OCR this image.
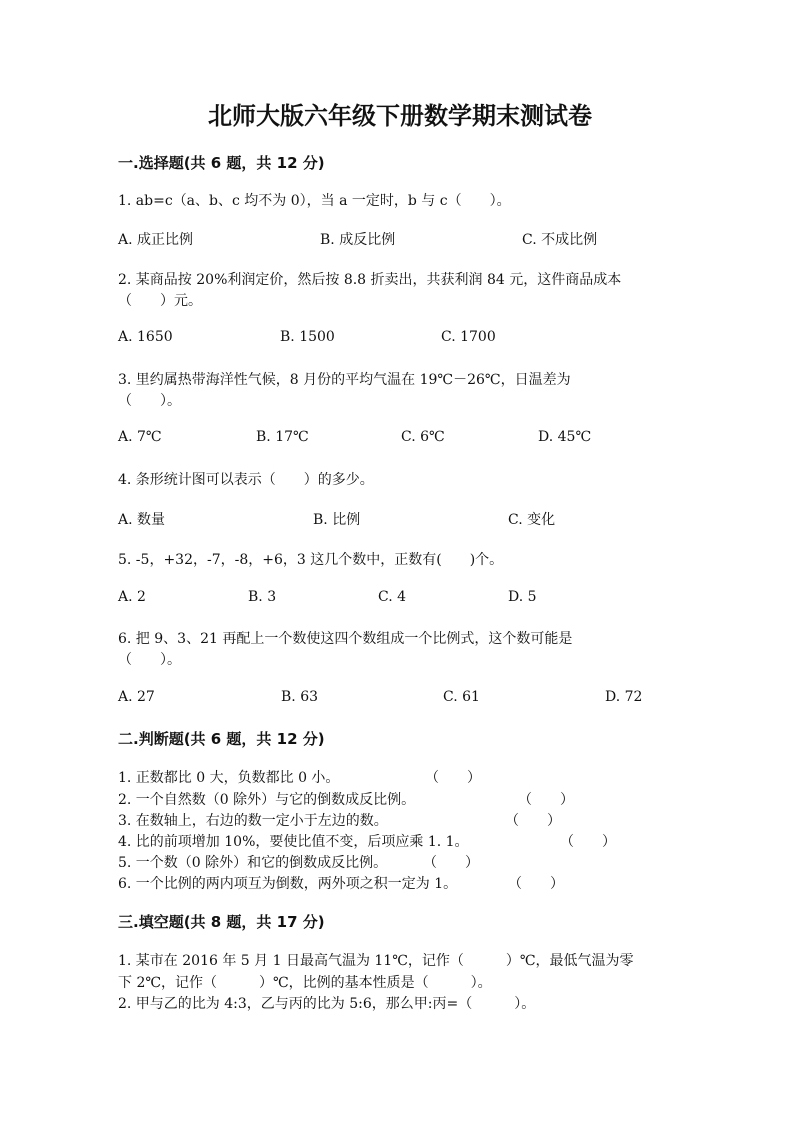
北师大版六年级下册数学期末测试卷
一.选择题(共 6 题，共 12 分)
1. ab=c（a、b、c 均不为 0），当 a 一定时，b 与 c（　　）。
A. 成正比例	B. 成反比例	C. 不成比例
2. 某商品按 20%利润定价，然后按 8.8 折卖出，共获利润 84 元，这件商品成本
（　　）元。
A. 1650	B. 1500	C. 1700
3. 里约属热带海洋性气候，8 月份的平均气温在 19℃－26℃，日温差为
（　　）。
A. 7℃	B. 17℃	C. 6℃	D. 45℃
4. 条形统计图可以表示（　　）的多少。
A. 数量	B. 比例	C. 变化
5. -5，+32，-7，-8，+6，3 这几个数中，正数有(　　)个。
A. 2	B. 3	C. 4	D. 5
6. 把 9、3、21 再配上一个数使这四个数组成一个比例式，这个数可能是
（　　）。
A. 27	B. 63	C. 61	D. 72
二.判断题(共 6 题，共 12 分)
1. 正数都比 0 大，负数都比 0 小。	（　　）
2. 一个自然数（0 除外）与它的倒数成反比例。	（　　）
3. 在数轴上，右边的数一定小于左边的数。	（　　）
4. 比的前项增加 10%，要使比值不变，后项应乘 1. 1。	（　　）
5. 一个数（0 除外）和它的倒数成反比例。	（　　）
6. 一个比例的两内项互为倒数，两外项之积一定为 1。	（　　）
三.填空题(共 8 题，共 17 分)
1. 某市在 2016 年 5 月 1 日最高气温为 11℃，记作（　　　）℃，最低气温为零
下 2℃，记作（　　　）℃，比例的基本性质是（　　　）。
2. 甲与乙的比为 4:3，乙与丙的比为 5:6，那么甲:丙=（　　　）。
